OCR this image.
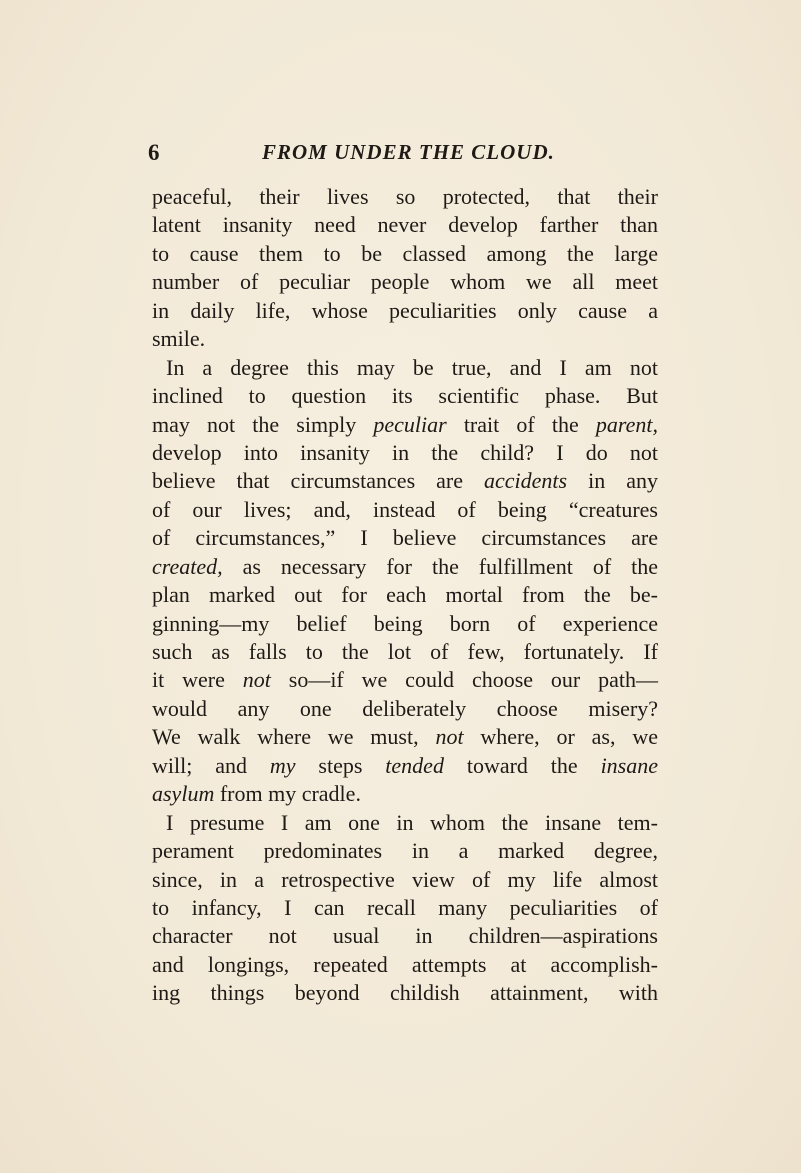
6	FROM UNDER THE CLOUD.
peaceful, their lives so protected, that their
latent insanity need never develop farther than
to cause them to be classed among the large
number of peculiar people whom we all meet
in daily life, whose peculiarities only cause a
smile.
In a degree this may be true, and I am not
inclined to question its scientific phase. But
may not the simply peculiar trait of the parent,
develop into insanity in the child? I do not
believe that circumstances are accidents in any
of our lives; and, instead of being “creatures
of circumstances,” I believe circumstances are
created, as necessary for the fulfillment of the
plan marked out for each mortal from the be-
ginning—my belief being born of experience
such as falls to the lot of few, fortunately. If
it were not so—if we could choose our path—
would any one deliberately choose misery?
We walk where we must, not where, or as, we
will; and my steps tended toward the insane
asylum from my cradle.
I presume I am one in whom the insane tem-
perament predominates in a marked degree,
since, in a retrospective view of my life almost
to infancy, I can recall many peculiarities of
character not usual in children—aspirations
and longings, repeated attempts at accomplish-
ing things beyond childish attainment, with
